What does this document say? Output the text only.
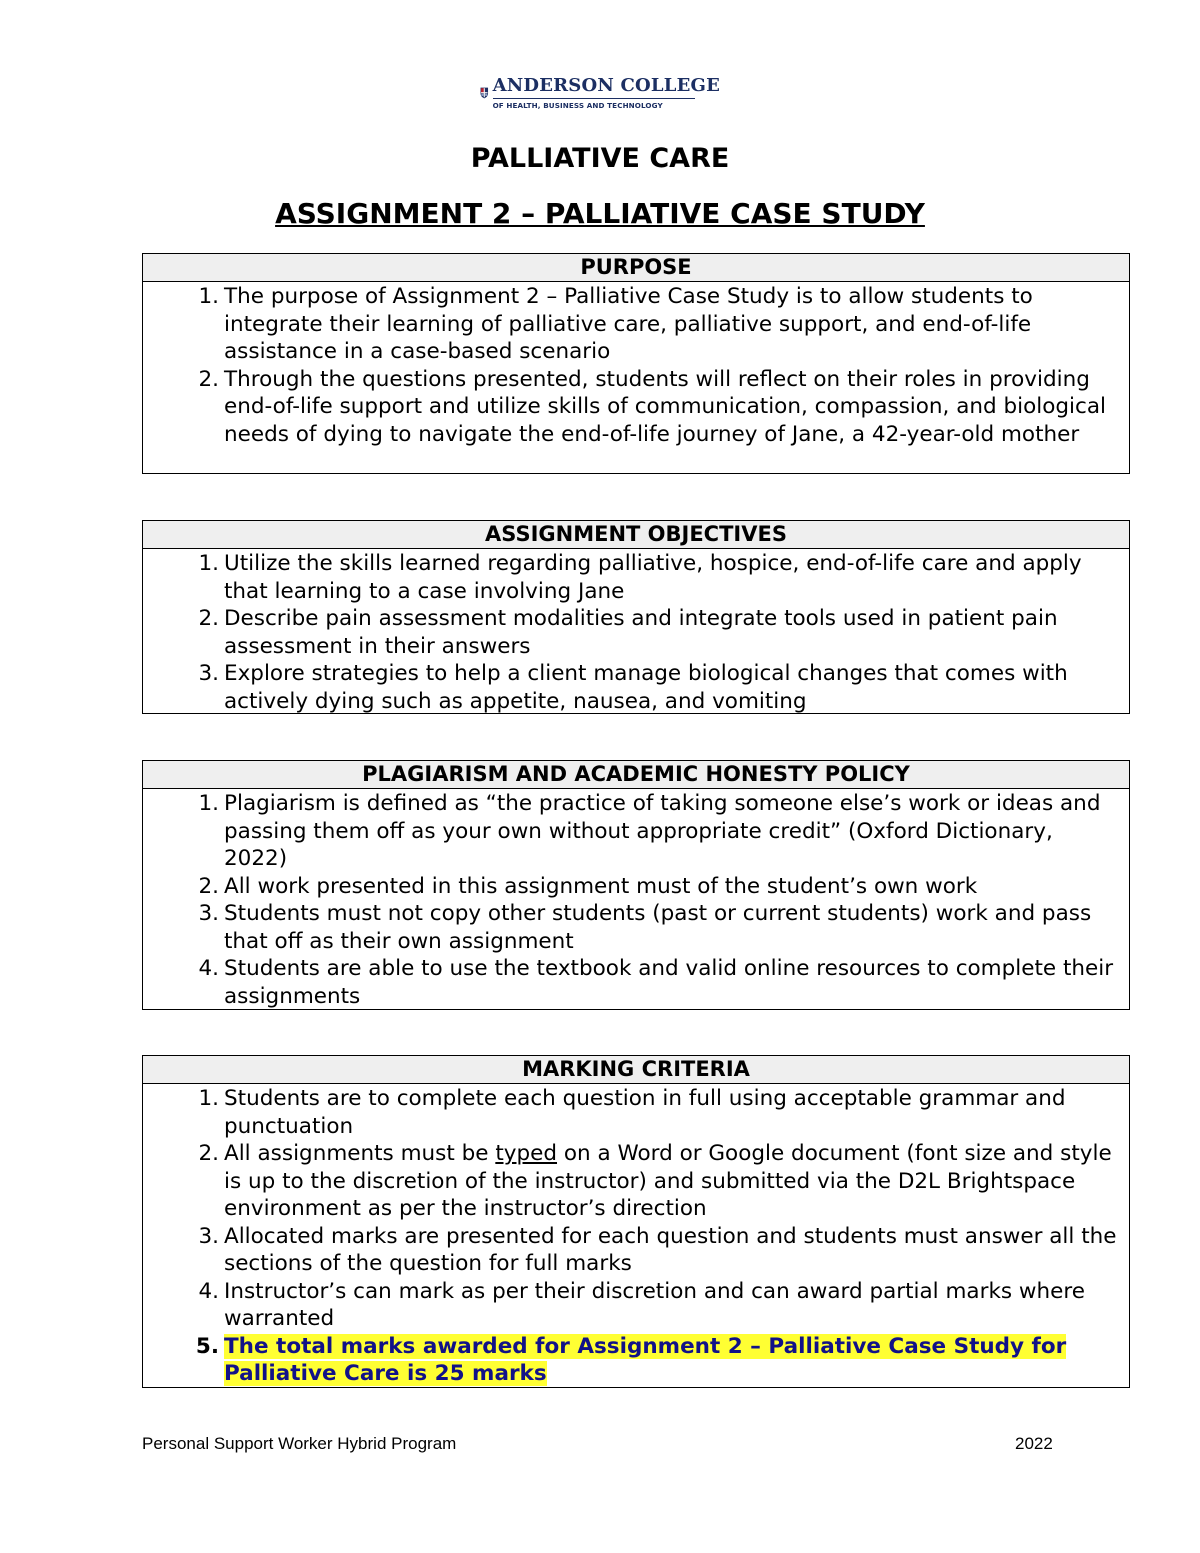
ANDERSON COLLEGE
OF HEALTH, BUSINESS AND TECHNOLOGY
PALLIATIVE CARE
ASSIGNMENT 2 – PALLIATIVE CASE STUDY
PURPOSE
1. The purpose of Assignment 2 – Palliative Case Study is to allow students to integrate their learning of palliative care, palliative support, and end-of-life assistance in a case-based scenario
2. Through the questions presented, students will reflect on their roles in providing end-of-life support and utilize skills of communication, compassion, and biological needs of dying to navigate the end-of-life journey of Jane, a 42-year-old mother
ASSIGNMENT OBJECTIVES
1. Utilize the skills learned regarding palliative, hospice, end-of-life care and apply that learning to a case involving Jane
2. Describe pain assessment modalities and integrate tools used in patient pain assessment in their answers
3. Explore strategies to help a client manage biological changes that comes with actively dying such as appetite, nausea, and vomiting
PLAGIARISM AND ACADEMIC HONESTY POLICY
1. Plagiarism is defined as “the practice of taking someone else’s work or ideas and passing them off as your own without appropriate credit” (Oxford Dictionary, 2022)
2. All work presented in this assignment must of the student’s own work
3. Students must not copy other students (past or current students) work and pass that off as their own assignment
4. Students are able to use the textbook and valid online resources to complete their assignments
MARKING CRITERIA
1. Students are to complete each question in full using acceptable grammar and punctuation
2. All assignments must be typed on a Word or Google document (font size and style is up to the discretion of the instructor) and submitted via the D2L Brightspace environment as per the instructor’s direction
3. Allocated marks are presented for each question and students must answer all the sections of the question for full marks
4. Instructor’s can mark as per their discretion and can award partial marks where warranted
5. The total marks awarded for Assignment 2 – Palliative Case Study for Palliative Care is 25 marks
Personal Support Worker Hybrid Program	2022
